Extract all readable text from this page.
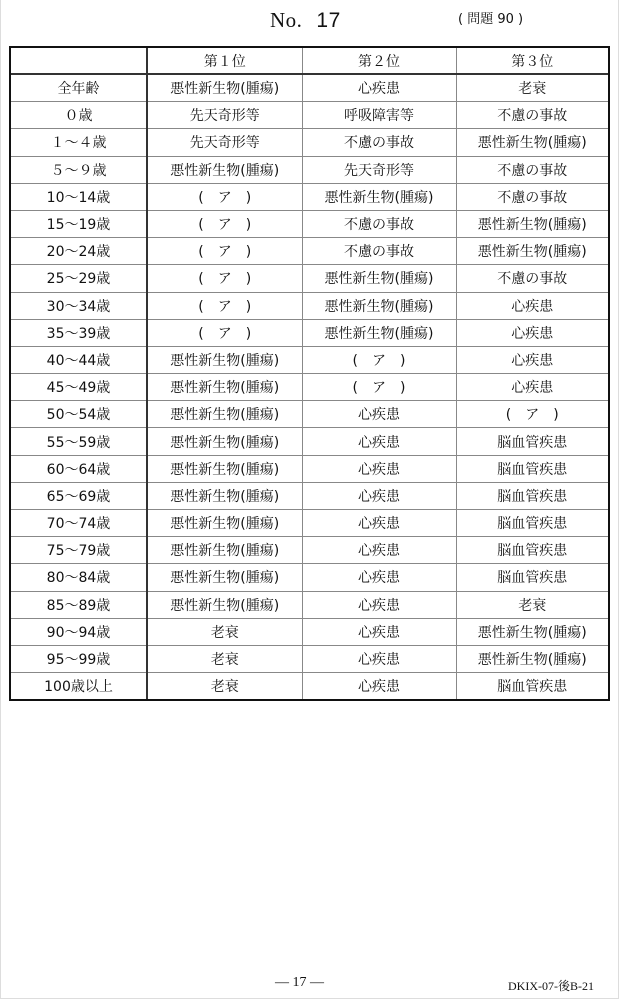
No. 17	( 問題 90 )
	第１位	第２位	第３位
全年齢	悪性新生物(腫瘍)	心疾患	老衰
０歳	先天奇形等	呼吸障害等	不慮の事故
１～４歳	先天奇形等	不慮の事故	悪性新生物(腫瘍)
５～９歳	悪性新生物(腫瘍)	先天奇形等	不慮の事故
10～14歳	(　ア　)	悪性新生物(腫瘍)	不慮の事故
15～19歳	(　ア　)	不慮の事故	悪性新生物(腫瘍)
20～24歳	(　ア　)	不慮の事故	悪性新生物(腫瘍)
25～29歳	(　ア　)	悪性新生物(腫瘍)	不慮の事故
30～34歳	(　ア　)	悪性新生物(腫瘍)	心疾患
35～39歳	(　ア　)	悪性新生物(腫瘍)	心疾患
40～44歳	悪性新生物(腫瘍)	(　ア　)	心疾患
45～49歳	悪性新生物(腫瘍)	(　ア　)	心疾患
50～54歳	悪性新生物(腫瘍)	心疾患	(　ア　)
55～59歳	悪性新生物(腫瘍)	心疾患	脳血管疾患
60～64歳	悪性新生物(腫瘍)	心疾患	脳血管疾患
65～69歳	悪性新生物(腫瘍)	心疾患	脳血管疾患
70～74歳	悪性新生物(腫瘍)	心疾患	脳血管疾患
75～79歳	悪性新生物(腫瘍)	心疾患	脳血管疾患
80～84歳	悪性新生物(腫瘍)	心疾患	脳血管疾患
85～89歳	悪性新生物(腫瘍)	心疾患	老衰
90～94歳	老衰	心疾患	悪性新生物(腫瘍)
95～99歳	老衰	心疾患	悪性新生物(腫瘍)
100歳以上	老衰	心疾患	脳血管疾患
― 17 ―	DKIX-07-後B-21
